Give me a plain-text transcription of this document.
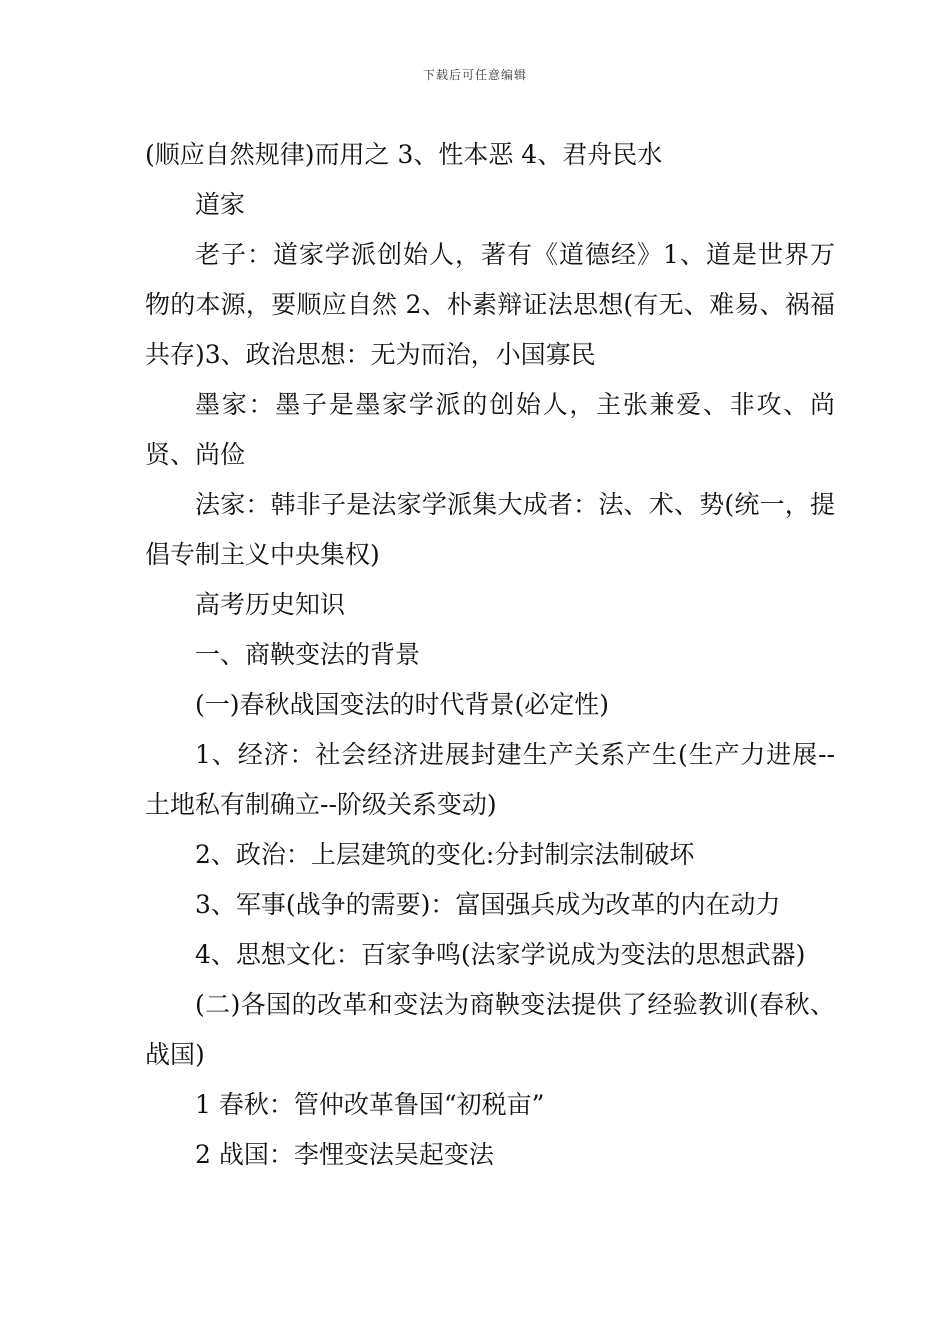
下载后可任意编辑

(顺应自然规律)而用之 3、性本恶 4、君舟民水

道家

老子：道家学派创始人，著有《道德经》1、道是世界万物的本源，要顺应自然 2、朴素辩证法思想(有无、难易、祸福共存)3、政治思想：无为而治，小国寡民

墨家：墨子是墨家学派的创始人，主张兼爱、非攻、尚贤、尚俭

法家：韩非子是法家学派集大成者：法、术、势(统一，提倡专制主义中央集权)

高考历史知识

一、商鞅变法的背景

(一)春秋战国变法的时代背景(必定性)

1、经济：社会经济进展封建生产关系产生(生产力进展--土地私有制确立--阶级关系变动)

2、政治：上层建筑的变化:分封制宗法制破坏

3、军事(战争的需要)：富国强兵成为改革的内在动力

4、思想文化：百家争鸣(法家学说成为变法的思想武器)

(二)各国的改革和变法为商鞅变法提供了经验教训(春秋、战国)

1 春秋：管仲改革鲁国“初税亩”

2 战国：李悝变法吴起变法
